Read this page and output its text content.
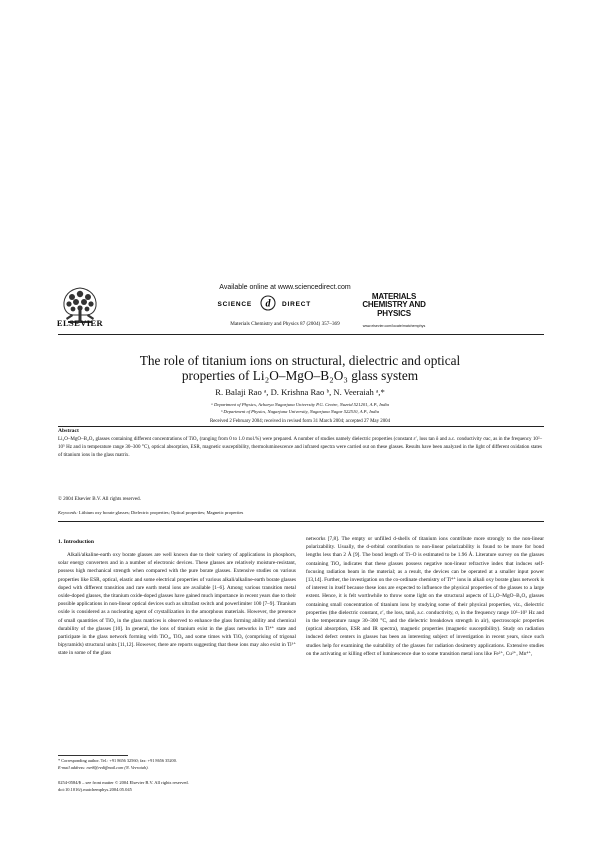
ELSEVIER
Available online at www.sciencedirect.com
SCIENCE d DIRECT
Materials Chemistry and Physics 87 (2004) 357–369
MATERIALS
CHEMISTRY AND
PHYSICS
www.elsevier.com/locate/matchemphys
The role of titanium ions on structural, dielectric and optical
properties of Li₂O–MgO–B₂O₃ glass system
R. Balaji Rao ᵃ, D. Krishna Rao ᵇ, N. Veeraiah ᵃ,*
ᵃ Department of Physics, Acharya Nagarjuna University P.G. Centre, Nuzvid 521201, A.P., India
ᵇ Department of Physics, Nagarjuna University, Nagarjuna Nagar 522510, A.P., India
Received 2 February 2004; received in revised form 31 March 2004; accepted 27 May 2004
Abstract
Li₂O–MgO–B₂O₃ glasses containing different concentrations of TiO₂ (ranging from 0 to 1.0 mol.%) were prepared. A number of studies namely dielectric properties (constant ε′, loss tan δ and a.c. conductivity σac, as in the frequency 10²–10⁵ Hz and in temperature range 30–300 °C), optical absorption, ESR, magnetic susceptibility, thermoluminescence and infrared spectra were carried out on these glasses. Results have been analyzed in the light of different oxidation states of titanium ions in the glass matrix.
© 2004 Elsevier B.V. All rights reserved.
Keywords: Lithium oxy borate glasses; Dielectric properties; Optical properties; Magnetic properties
1. Introduction

Alkali/alkaline-earth oxy borate glasses are well known due to their variety of applications in phosphors, solar energy converters and in a number of electronic devices. These glasses are relatively moisture-resistant, possess high mechanical strength when compared with the pure borate glasses. Extensive studies on various properties like ESR, optical, elastic and some electrical properties of various alkali/alkaline-earth borate glasses doped with different transition and rare earth metal ions are available [1–6]. Among various transition metal oxide-doped glasses, the titanium oxide-doped glasses have gained much importance in recent years due to their possible applications in non-linear optical devices such as ultrafast switch and powerlimiter 100 [7–9]. Titanium oxide is considered as a nucleating agent of crystallization in the amorphous materials. However, the presence of small quantities of TiO₂ in the glass matrices is observed to enhance the glass forming ability and chemical durability of the glasses [10]. In general, the ions of titanium exist in the glass networks in Ti⁴⁺ state and participate in the glass network forming with TiO₄, TiO₆ and some times with TiO₅ (comprising of trigonal bipyramids) structural units [11,12]. However, there are reports suggesting that these ions may also exist in Ti³⁺ state in some of the glass

networks [7,8]. The empty or unfilled d-shells of titanium ions contribute more strongly to the non-linear polarizability. Usually, the d-orbital contribution to non-linear polarizability is found to be more for bond lengths less than 2 Å [9]. The bond length of Ti–O is estimated to be 1.96 Å. Literature survey on the glasses containing TiO₂ indicates that these glasses possess negative non-linear refractive index that induces self-focusing radiation beam in the material; as a result, the devices can be operated at a smaller input power [13,14]. Further, the investigation on the co-ordinate chemistry of Ti⁴⁺ ions in alkali oxy borate glass network is of interest in itself because these ions are expected to influence the physical properties of the glasses to a large extent. Hence, it is felt worthwhile to throw some light on the structural aspects of Li₂O–MgO–B₂O₃ glasses containing small concentration of titanium ions by studying some of their physical properties, viz., dielectric properties (the dielectric constant, ε′, the loss, tanδ, a.c. conductivity, σ, in the frequency range 10²–10⁵ Hz and in the temperature range 30–300 °C, and the dielectric breakdown strength in air), spectroscopic properties (optical absorption, ESR and IR spectra), magnetic properties (magnetic susceptibility). Study on radiation induced defect centers in glasses has been an interesting subject of investigation in recent years, since such studies help for examining the suitability of the glasses for radiation dosimetry applications. Extensive studies on the activating or killing effect of luminescence due to some transition metal ions like Fe²⁺, Cu²⁺, Mn⁴⁺,

* Corresponding author. Tel.: +91 8656 32560; fax: +91 8656 35200.
E-mail address: nvr8@rediffmail.com (N. Veeraiah).
0254-0584/$ – see front matter © 2004 Elsevier B.V. All rights reserved.
doi:10.1016/j.matchemphys.2004.05.045
